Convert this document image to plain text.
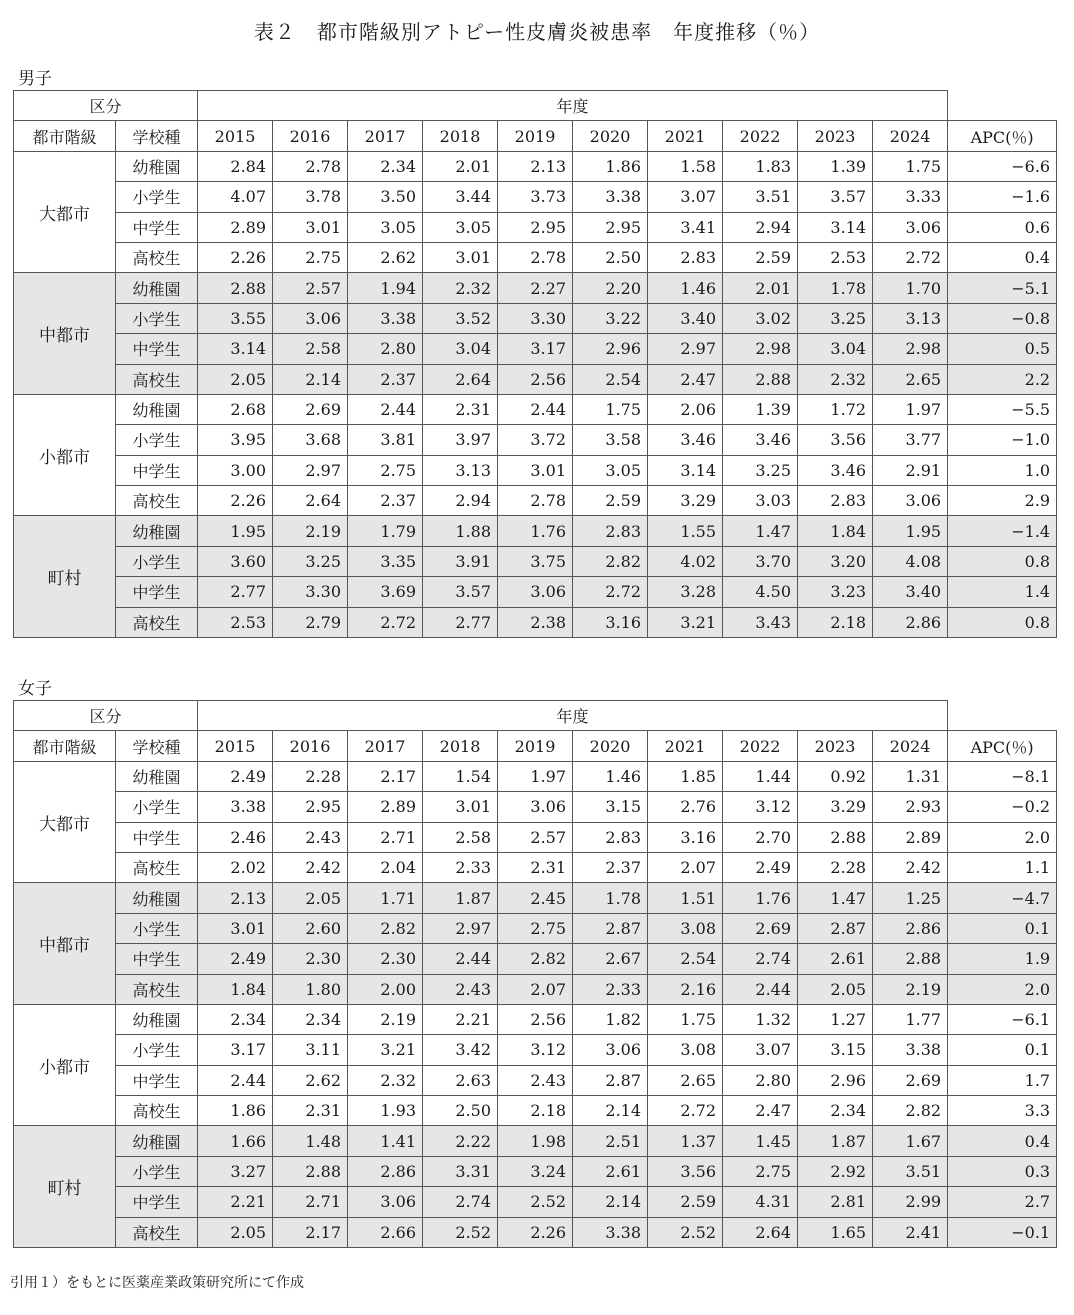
表２　都市階級別アトピー性皮膚炎被患率　年度推移（％）
男子
区分		年度										
都市階級	学校種	2015	2016	2017	2018	2019	2020	2021	2022	2023	2024	APC(％)
大都市	幼稚園	2.84	2.78	2.34	2.01	2.13	1.86	1.58	1.83	1.39	1.75	−6.6
	小学生	4.07	3.78	3.50	3.44	3.73	3.38	3.07	3.51	3.57	3.33	−1.6
	中学生	2.89	3.01	3.05	3.05	2.95	2.95	3.41	2.94	3.14	3.06	0.6
	高校生	2.26	2.75	2.62	3.01	2.78	2.50	2.83	2.59	2.53	2.72	0.4
中都市	幼稚園	2.88	2.57	1.94	2.32	2.27	2.20	1.46	2.01	1.78	1.70	−5.1
	小学生	3.55	3.06	3.38	3.52	3.30	3.22	3.40	3.02	3.25	3.13	−0.8
	中学生	3.14	2.58	2.80	3.04	3.17	2.96	2.97	2.98	3.04	2.98	0.5
	高校生	2.05	2.14	2.37	2.64	2.56	2.54	2.47	2.88	2.32	2.65	2.2
小都市	幼稚園	2.68	2.69	2.44	2.31	2.44	1.75	2.06	1.39	1.72	1.97	−5.5
	小学生	3.95	3.68	3.81	3.97	3.72	3.58	3.46	3.46	3.56	3.77	−1.0
	中学生	3.00	2.97	2.75	3.13	3.01	3.05	3.14	3.25	3.46	2.91	1.0
	高校生	2.26	2.64	2.37	2.94	2.78	2.59	3.29	3.03	2.83	3.06	2.9
町村	幼稚園	1.95	2.19	1.79	1.88	1.76	2.83	1.55	1.47	1.84	1.95	−1.4
	小学生	3.60	3.25	3.35	3.91	3.75	2.82	4.02	3.70	3.20	4.08	0.8
	中学生	2.77	3.30	3.69	3.57	3.06	2.72	3.28	4.50	3.23	3.40	1.4
	高校生	2.53	2.79	2.72	2.77	2.38	3.16	3.21	3.43	2.18	2.86	0.8
女子
区分		年度										
都市階級	学校種	2015	2016	2017	2018	2019	2020	2021	2022	2023	2024	APC(％)
大都市	幼稚園	2.49	2.28	2.17	1.54	1.97	1.46	1.85	1.44	0.92	1.31	−8.1
	小学生	3.38	2.95	2.89	3.01	3.06	3.15	2.76	3.12	3.29	2.93	−0.2
	中学生	2.46	2.43	2.71	2.58	2.57	2.83	3.16	2.70	2.88	2.89	2.0
	高校生	2.02	2.42	2.04	2.33	2.31	2.37	2.07	2.49	2.28	2.42	1.1
中都市	幼稚園	2.13	2.05	1.71	1.87	2.45	1.78	1.51	1.76	1.47	1.25	−4.7
	小学生	3.01	2.60	2.82	2.97	2.75	2.87	3.08	2.69	2.87	2.86	0.1
	中学生	2.49	2.30	2.30	2.44	2.82	2.67	2.54	2.74	2.61	2.88	1.9
	高校生	1.84	1.80	2.00	2.43	2.07	2.33	2.16	2.44	2.05	2.19	2.0
小都市	幼稚園	2.34	2.34	2.19	2.21	2.56	1.82	1.75	1.32	1.27	1.77	−6.1
	小学生	3.17	3.11	3.21	3.42	3.12	3.06	3.08	3.07	3.15	3.38	0.1
	中学生	2.44	2.62	2.32	2.63	2.43	2.87	2.65	2.80	2.96	2.69	1.7
	高校生	1.86	2.31	1.93	2.50	2.18	2.14	2.72	2.47	2.34	2.82	3.3
町村	幼稚園	1.66	1.48	1.41	2.22	1.98	2.51	1.37	1.45	1.87	1.67	0.4
	小学生	3.27	2.88	2.86	3.31	3.24	2.61	3.56	2.75	2.92	3.51	0.3
	中学生	2.21	2.71	3.06	2.74	2.52	2.14	2.59	4.31	2.81	2.99	2.7
	高校生	2.05	2.17	2.66	2.52	2.26	3.38	2.52	2.64	1.65	2.41	−0.1
引用１）をもとに医薬産業政策研究所にて作成
